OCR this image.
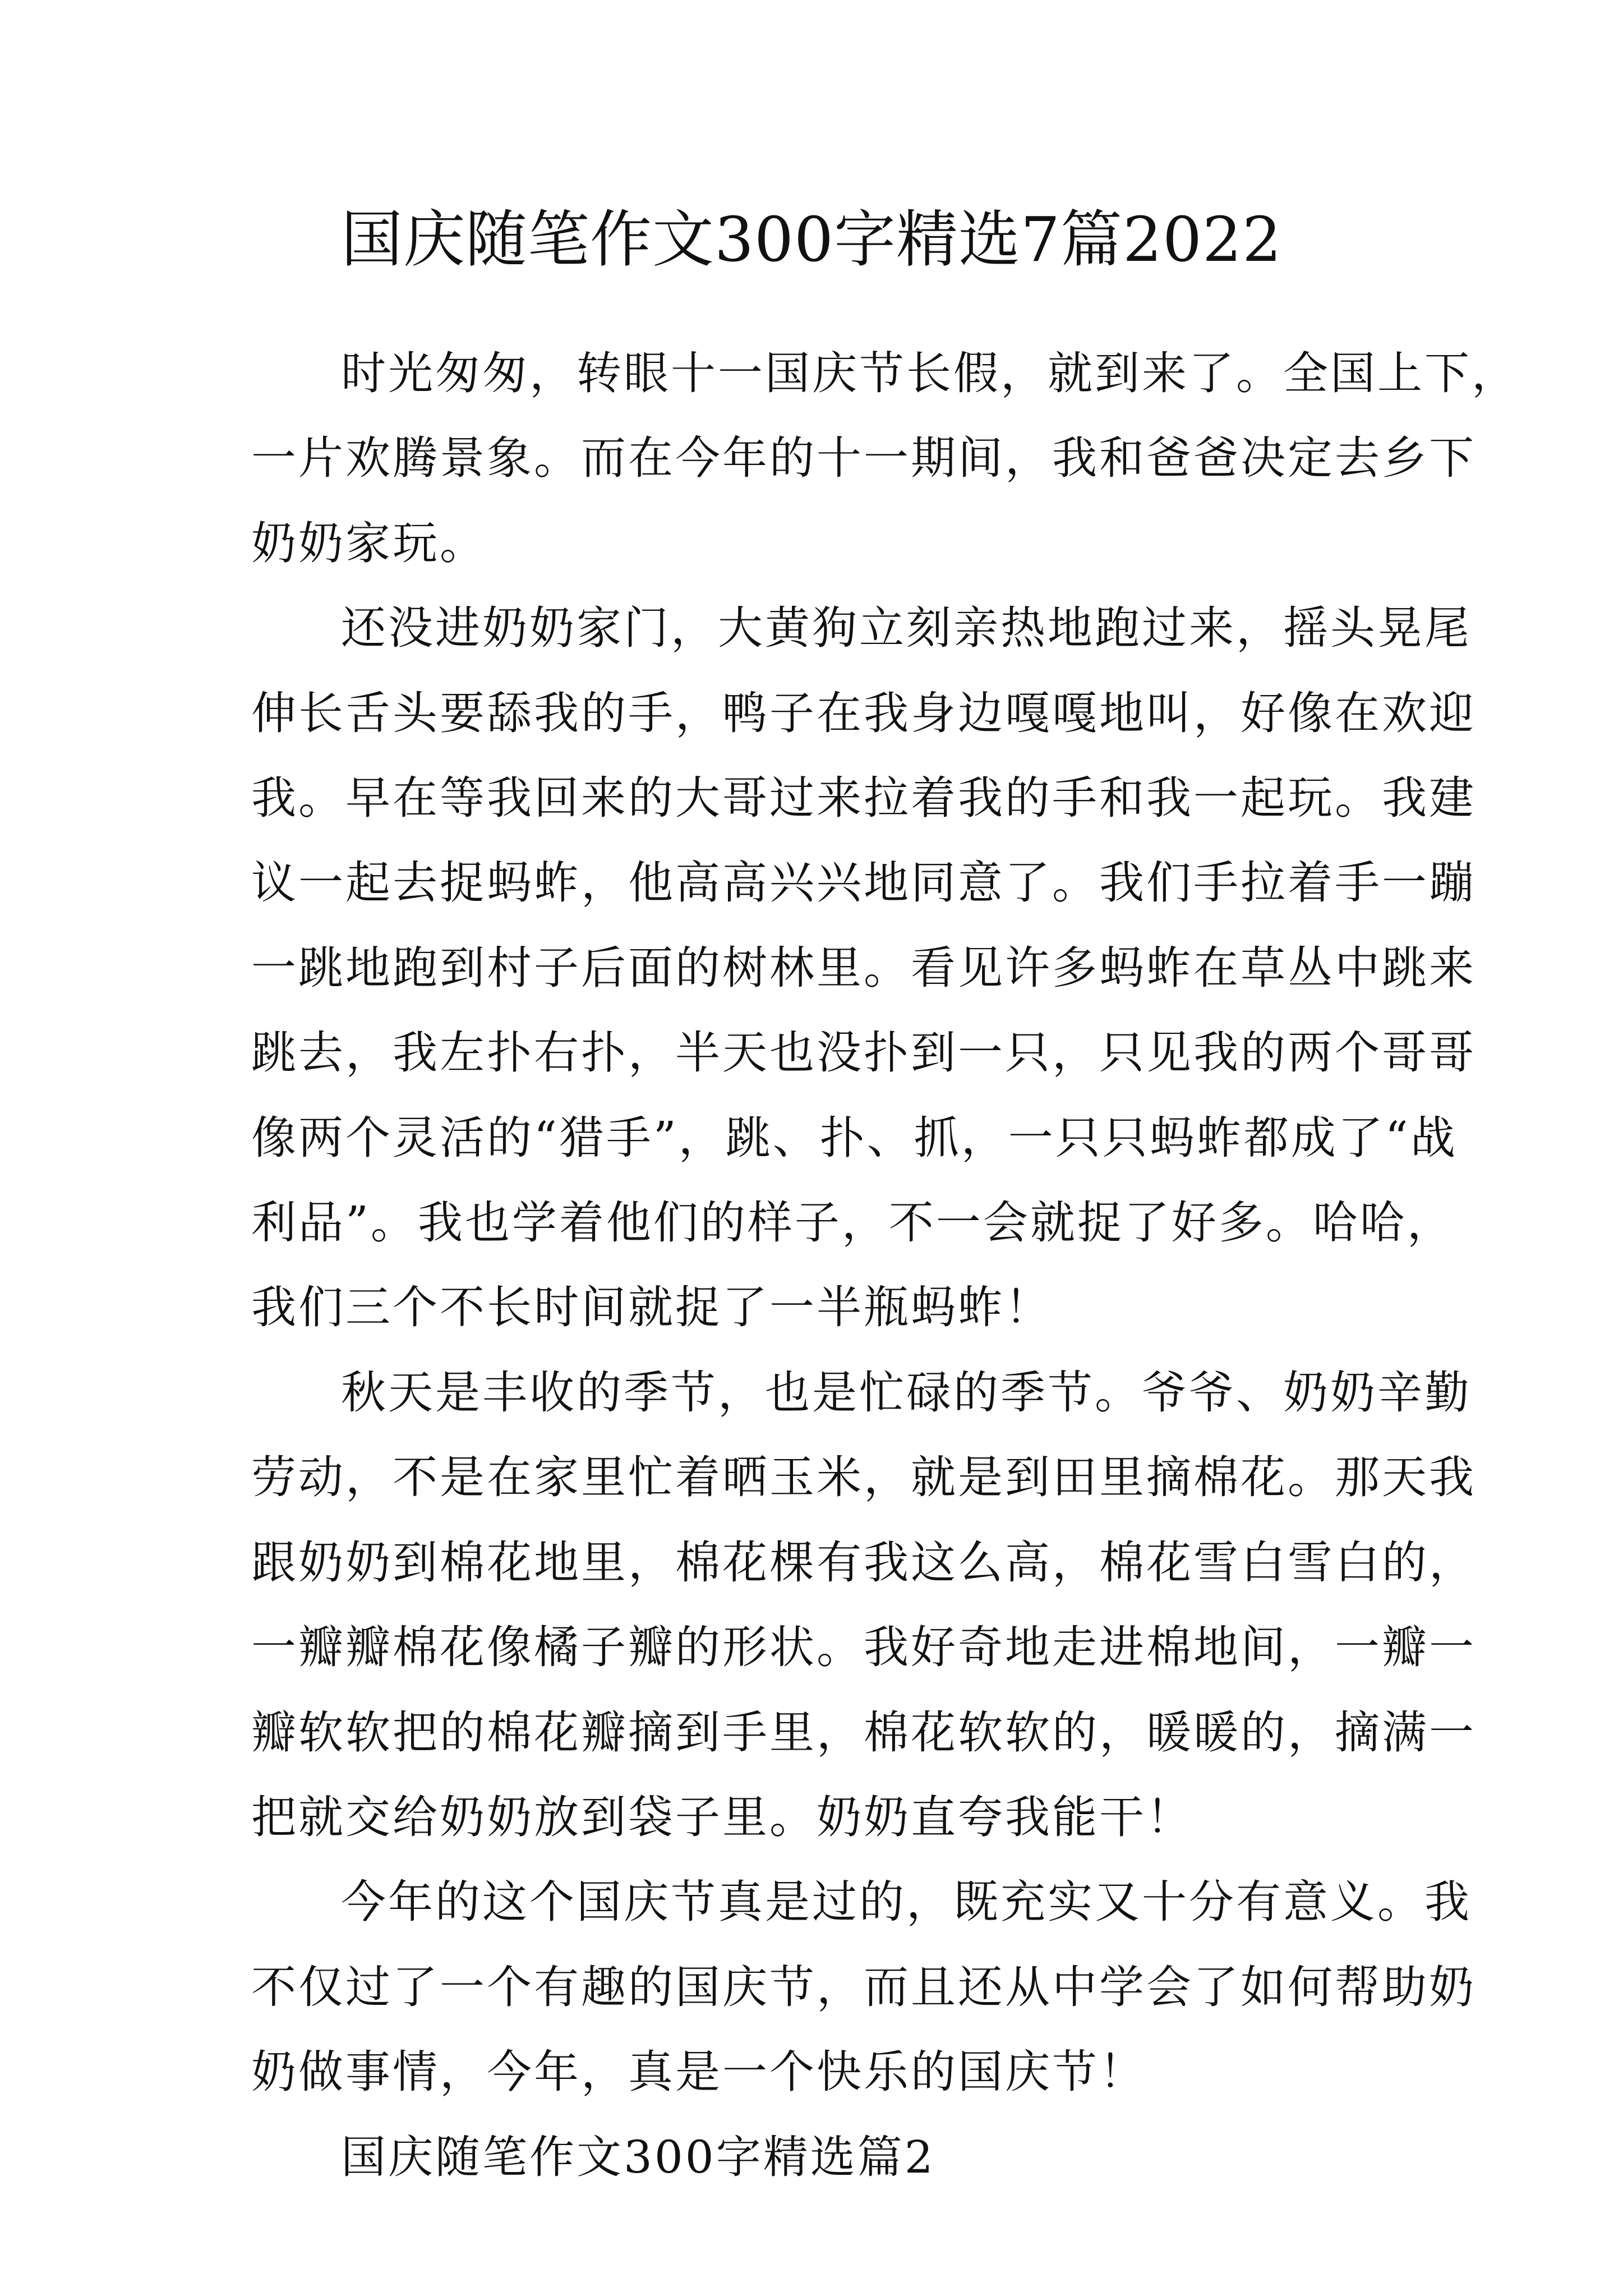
国庆随笔作文300字精选7篇2022

时光匆匆，转眼十一国庆节长假，就到来了。全国上下，
一片欢腾景象。而在今年的十一期间，我和爸爸决定去乡下
奶奶家玩。

还没进奶奶家门，大黄狗立刻亲热地跑过来，摇头晃尾
伸长舌头要舔我的手，鸭子在我身边嘎嘎地叫，好像在欢迎
我。早在等我回来的大哥过来拉着我的手和我一起玩。我建
议一起去捉蚂蚱，他高高兴兴地同意了。我们手拉着手一蹦
一跳地跑到村子后面的树林里。看见许多蚂蚱在草丛中跳来
跳去，我左扑右扑，半天也没扑到一只，只见我的两个哥哥
像两个灵活的“猎手”，跳、扑、抓，一只只蚂蚱都成了“战
利品”。我也学着他们的样子，不一会就捉了好多。哈哈，
我们三个不长时间就捉了一半瓶蚂蚱！

秋天是丰收的季节，也是忙碌的季节。爷爷、奶奶辛勤
劳动，不是在家里忙着晒玉米，就是到田里摘棉花。那天我
跟奶奶到棉花地里，棉花棵有我这么高，棉花雪白雪白的，
一瓣瓣棉花像橘子瓣的形状。我好奇地走进棉地间，一瓣一
瓣软软把的棉花瓣摘到手里，棉花软软的，暖暖的，摘满一
把就交给奶奶放到袋子里。奶奶直夸我能干！

今年的这个国庆节真是过的，既充实又十分有意义。我
不仅过了一个有趣的国庆节，而且还从中学会了如何帮助奶
奶做事情，今年，真是一个快乐的国庆节！

国庆随笔作文300字精选篇2
